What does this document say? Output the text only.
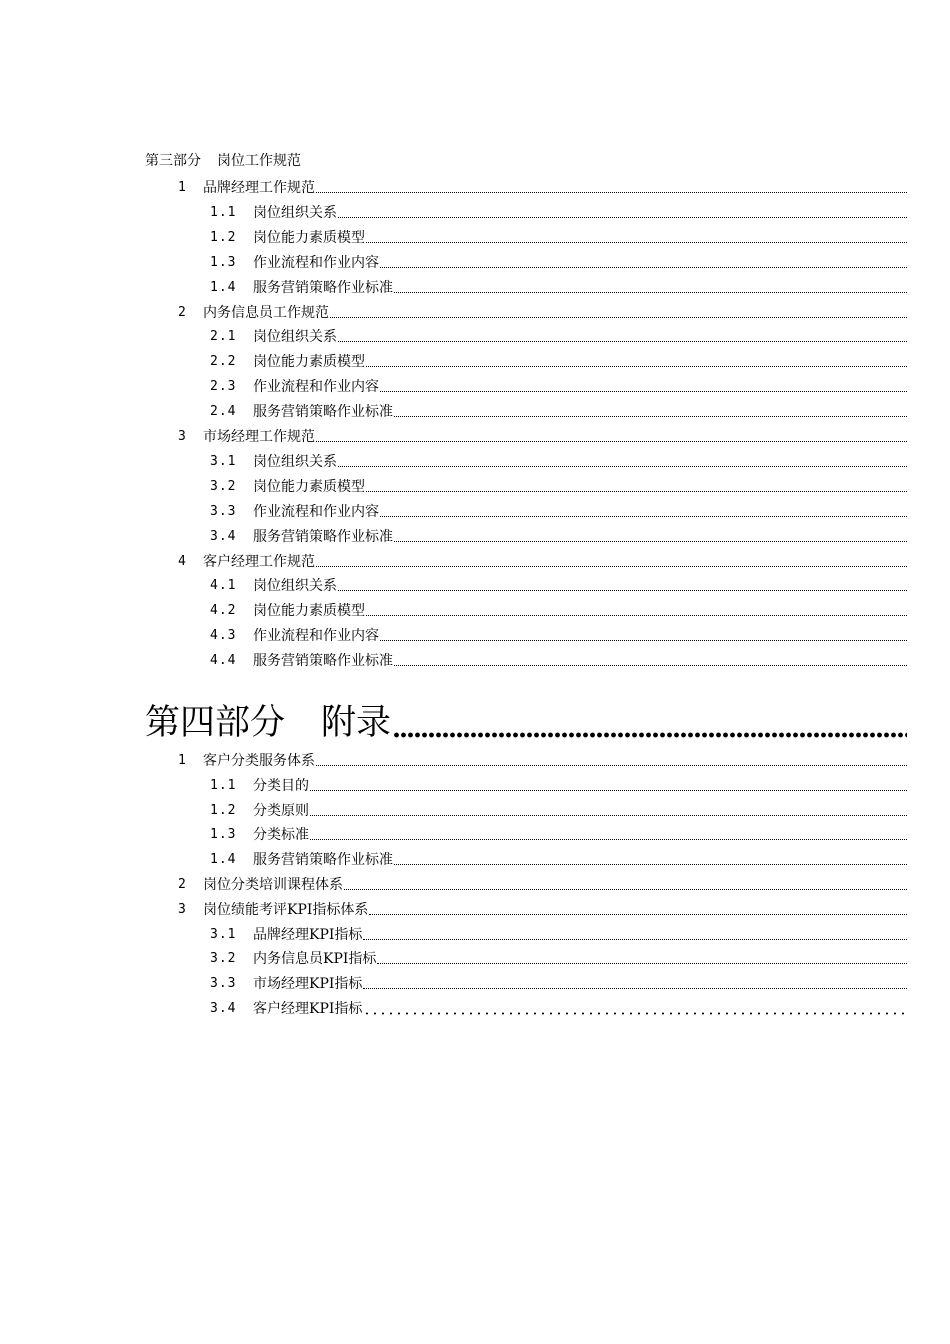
第三部分 岗位工作规范
1	品牌经理工作规范
1.1	岗位组织关系
1.2	岗位能力素质模型
1.3	作业流程和作业内容
1.4	服务营销策略作业标准
2	内务信息员工作规范
2.1	岗位组织关系
2.2	岗位能力素质模型
2.3	作业流程和作业内容
2.4	服务营销策略作业标准
3	市场经理工作规范
3.1	岗位组织关系
3.2	岗位能力素质模型
3.3	作业流程和作业内容
3.4	服务营销策略作业标准
4	客户经理工作规范
4.1	岗位组织关系
4.2	岗位能力素质模型
4.3	作业流程和作业内容
4.4	服务营销策略作业标准
第四部分 附录
1	客户分类服务体系
1.1	分类目的
1.2	分类原则
1.3	分类标准
1.4	服务营销策略作业标准
2	岗位分类培训课程体系
3	岗位绩能考评KPI指标体系
3.1	品牌经理KPI指标
3.2	内务信息员KPI指标
3.3	市场经理KPI指标
3.4	客户经理KPI指标
